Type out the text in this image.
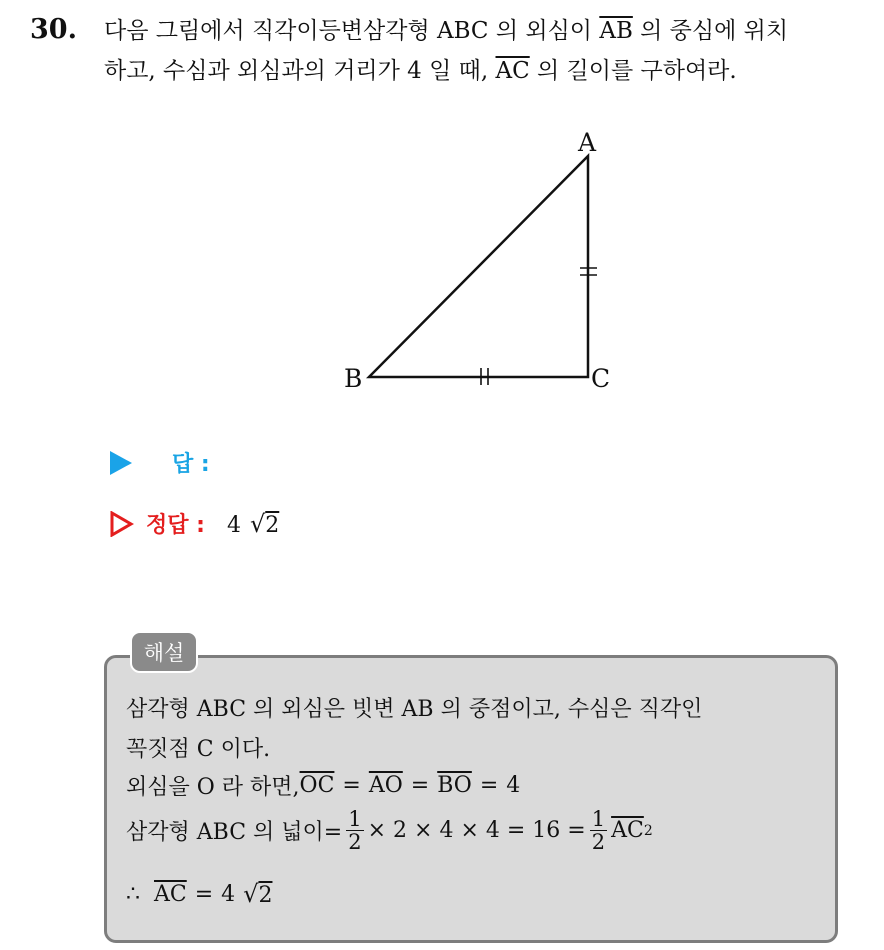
30. 다음 그림에서 직각이등변삼각형 ABC 의 외심이 $\overline{AB}$ 의 중심에 위치
하고, 수심과 외심과의 거리가 4 일 때, $\overline{AC}$ 의 길이를 구하여라.
A
B	C
답 :
정답 : 4 √2
해설
삼각형 ABC 의 외심은 빗변 AB 의 중점이고, 수심은 직각인
꼭짓점 C 이다.
외심을 O 라 하면, $\overline{OC} = \overline{AO} = \overline{BO} = 4$
삼각형 ABC 의 넓이= $\frac{1}{2} \times 2 \times 4 \times 4 = 16 = \frac{1}{2} \overline{AC}$ 2
∴ $\overline{AC} = 4$ √2
